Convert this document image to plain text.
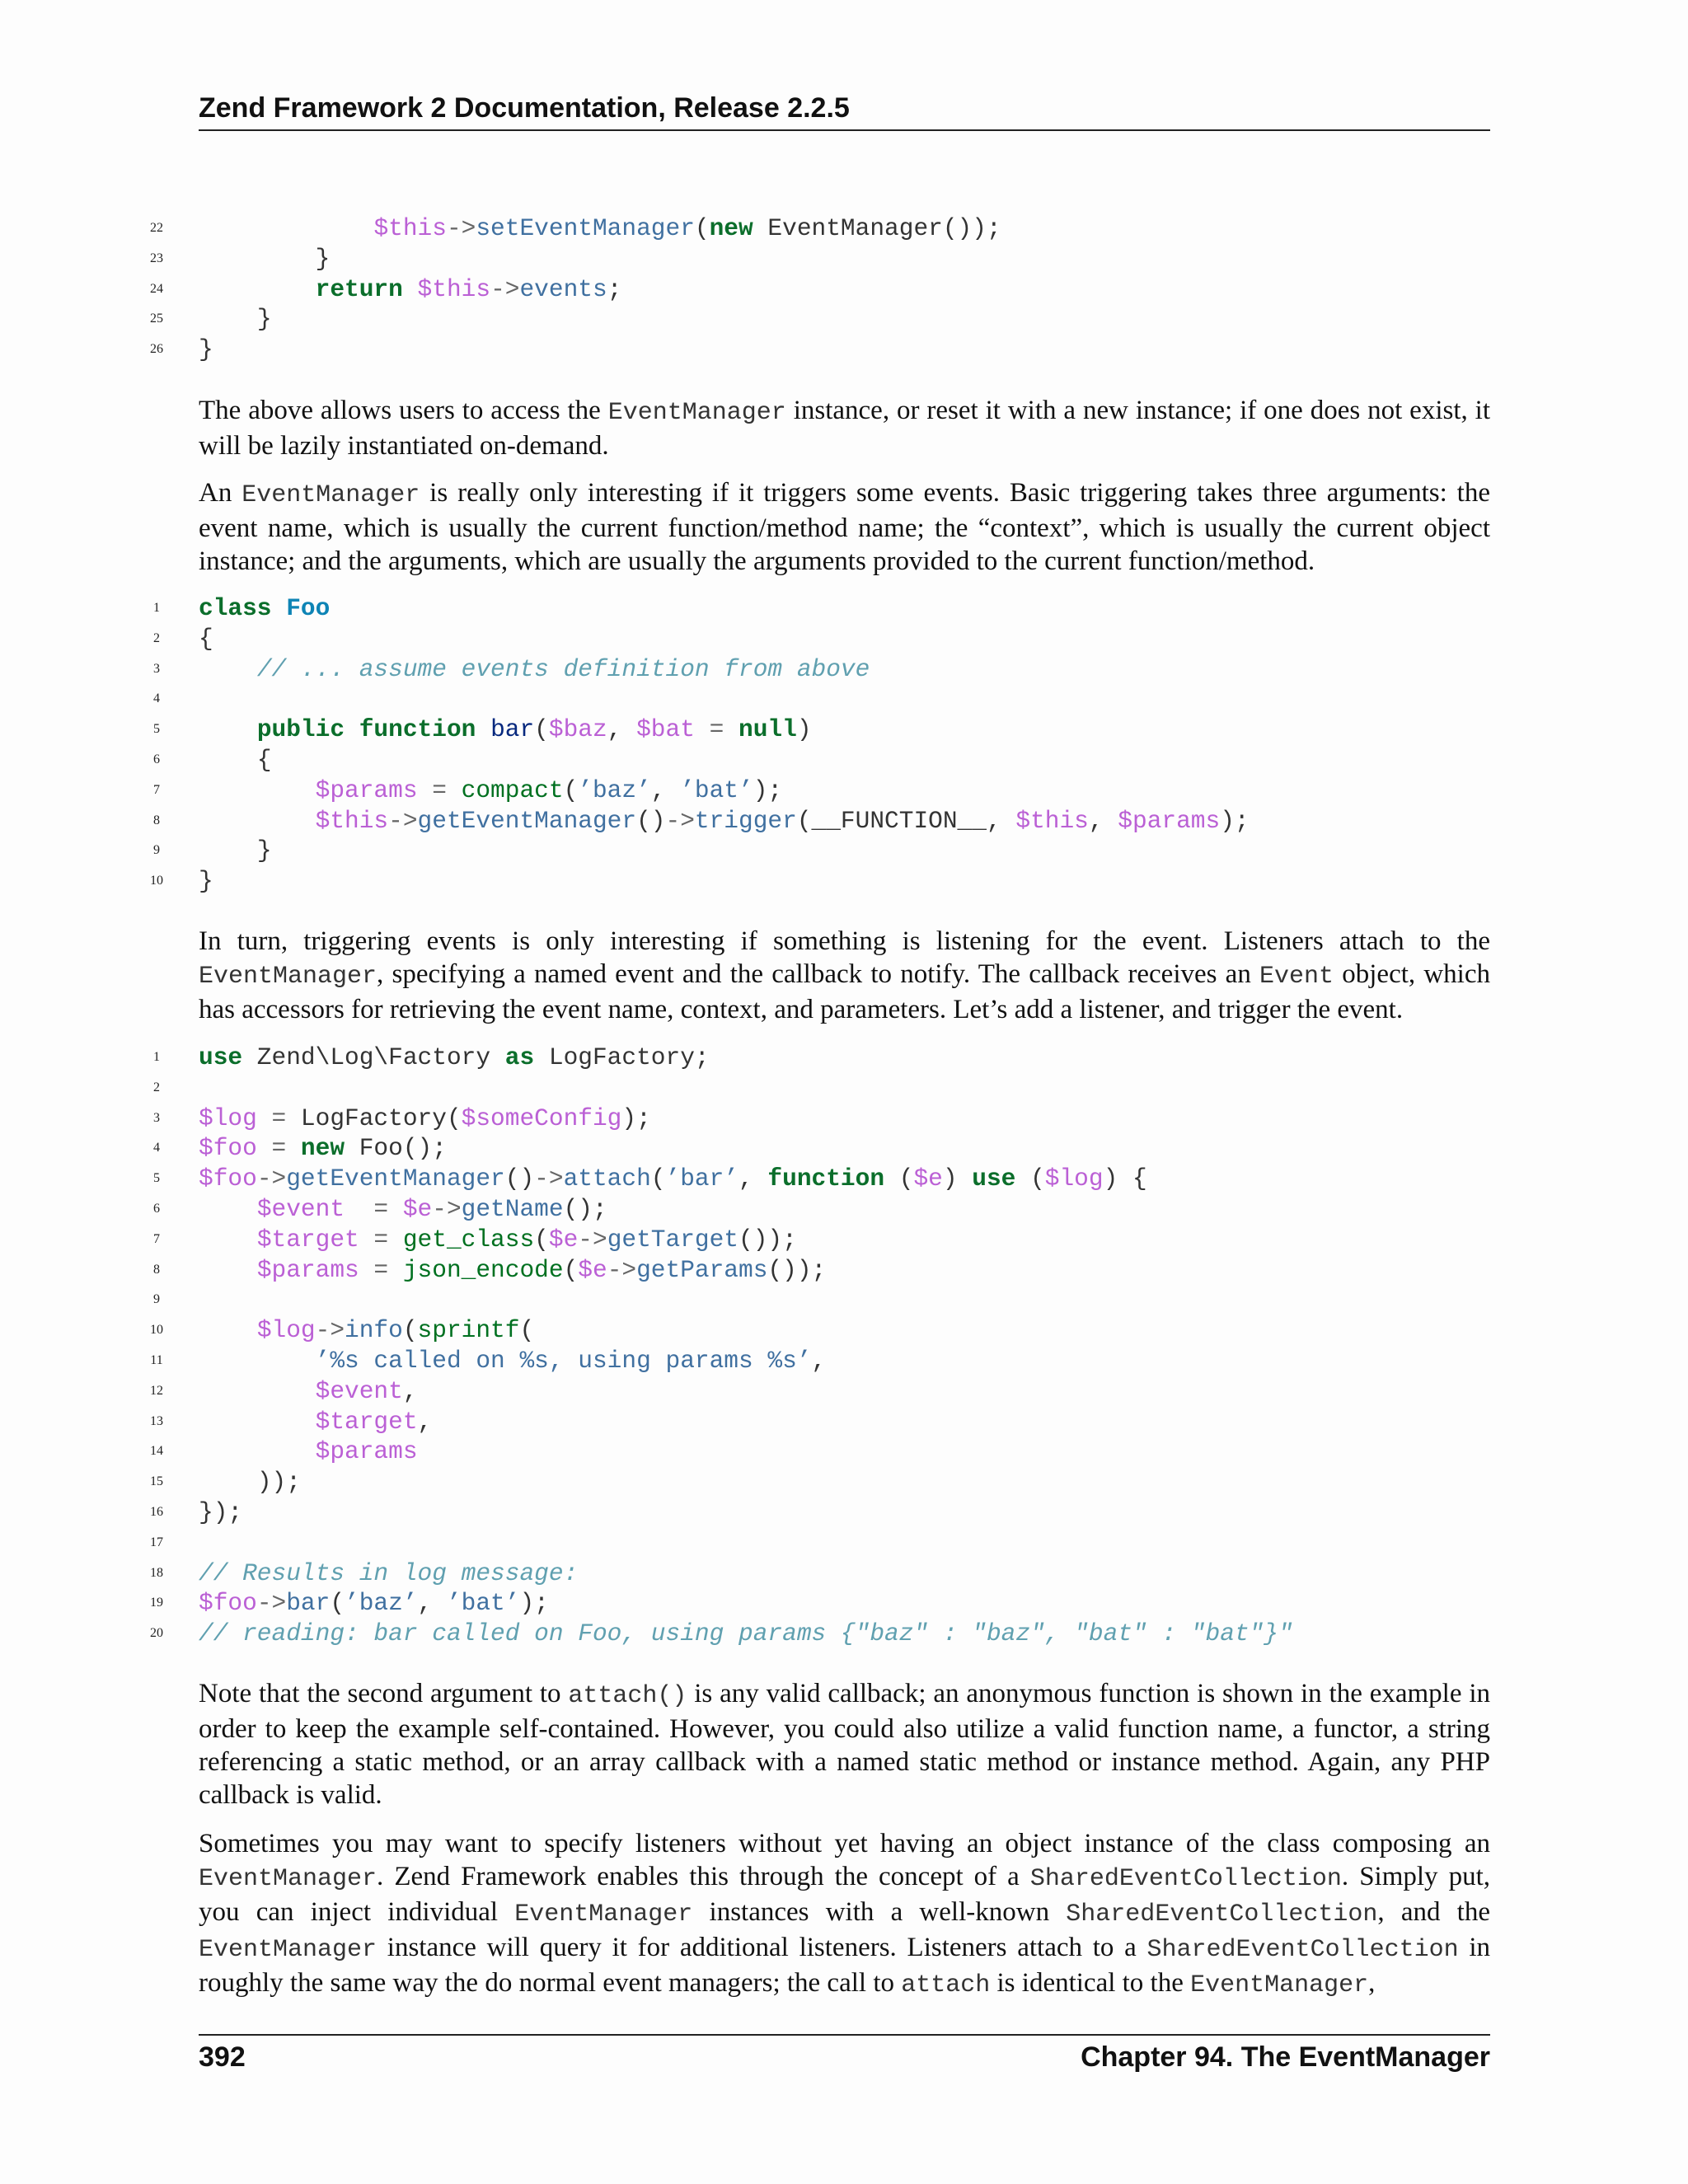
Zend Framework 2 Documentation, Release 2.2.5
22	$this->setEventManager(new EventManager());
23	}
24	return $this->events;
25	}
26	}
The above allows users to access the EventManager instance, or reset it with a new instance; if one does not exist, it will be lazily instantiated on-demand.
An EventManager is really only interesting if it triggers some events. Basic triggering takes three arguments: the event name, which is usually the current function/method name; the “context”, which is usually the current object instance; and the arguments, which are usually the arguments provided to the current function/method.
1	class Foo
2	{
3	// ... assume events definition from above
4
5	public function bar($baz, $bat = null)
6	{
7	$params = compact(’baz’, ’bat’);
8	$this->getEventManager()->trigger(__FUNCTION__, $this, $params);
9	}
10	}
In turn, triggering events is only interesting if something is listening for the event. Listeners attach to the EventManager, specifying a named event and the callback to notify. The callback receives an Event object, which has accessors for retrieving the event name, context, and parameters. Let’s add a listener, and trigger the event.
1	use Zend\Log\Factory as LogFactory;
2
3	$log = LogFactory($someConfig);
4	$foo = new Foo();
5	$foo->getEventManager()->attach(’bar’, function ($e) use ($log) {
6	$event  = $e->getName();
7	$target = get_class($e->getTarget());
8	$params = json_encode($e->getParams());
9
10	$log->info(sprintf(
11	’%s called on %s, using params %s’,
12	$event,
13	$target,
14	$params
15	));
16	});
17
18	// Results in log message:
19	$foo->bar(’baz’, ’bat’);
20	// reading: bar called on Foo, using params {"baz" : "baz", "bat" : "bat"}"
Note that the second argument to attach() is any valid callback; an anonymous function is shown in the example in order to keep the example self-contained. However, you could also utilize a valid function name, a functor, a string referencing a static method, or an array callback with a named static method or instance method. Again, any PHP callback is valid.
Sometimes you may want to specify listeners without yet having an object instance of the class composing an EventManager. Zend Framework enables this through the concept of a SharedEventCollection. Simply put, you can inject individual EventManager instances with a well-known SharedEventCollection, and the EventManager instance will query it for additional listeners. Listeners attach to a SharedEventCollection in roughly the same way the do normal event managers; the call to attach is identical to the EventManager,
392	Chapter 94. The EventManager
